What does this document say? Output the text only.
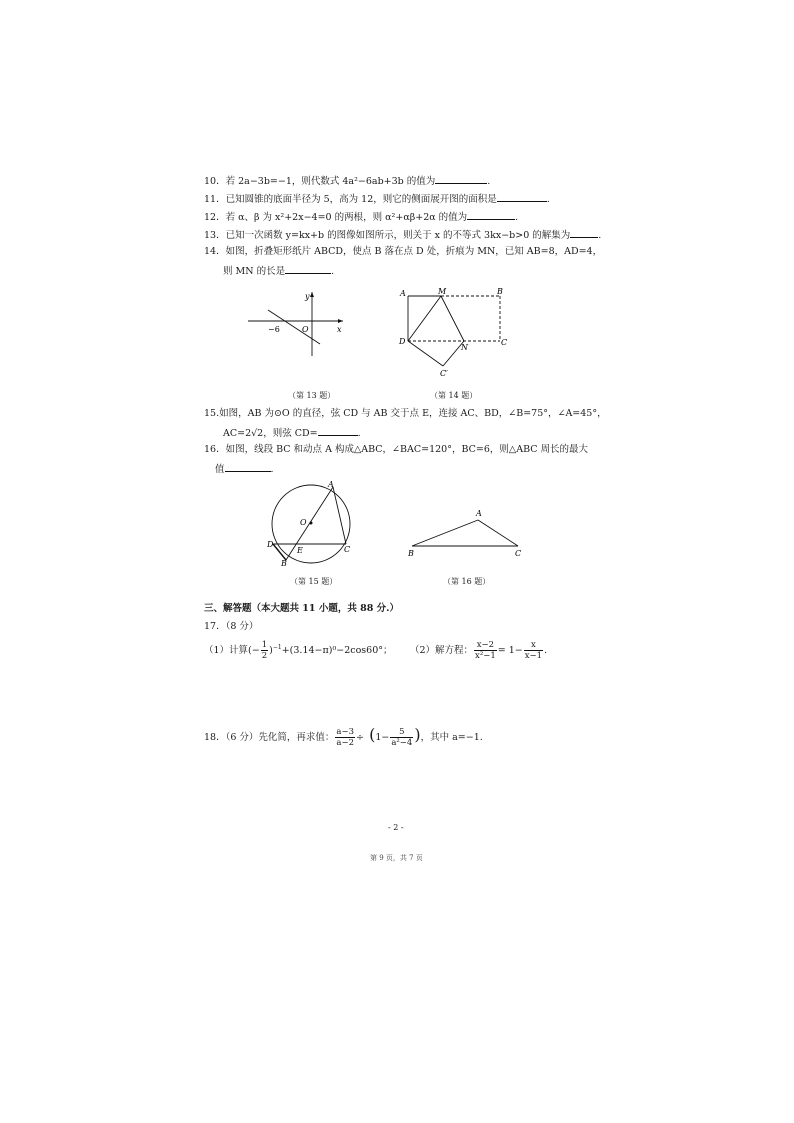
10．若 2a−3b=−1，则代数式 4a²−6ab+3b 的值为	.
11．已知圆锥的底面半径为 5，高为 12，则它的侧面展开图的面积是	.
12．若 α、β 为 x²+2x−4=0 的两根，则 α²+αβ+2α 的值为	.
13．已知一次函数 y=kx+b 的图像如图所示，则关于 x 的不等式 3kx−b>0 的解集为	.
14．如图，折叠矩形纸片 ABCD，使点 B 落在点 D 处，折痕为 MN，已知 AB=8，AD=4，
则 MN 的长是	.
y
x
O
−6
A	M	B
D
N
C
C′
（第 13 题）	（第 14 题）
15.如图，AB 为⊙O 的直径，弦 CD 与 AB 交于点 E，连接 AC、BD，∠B=75°，∠A=45°，
AC=2√2，则弦 CD=	.
16．如图，线段 BC 和动点 A 构成△ABC，∠BAC=120°，BC=6，则△ABC 周长的最大
值	.
A
O
D
E	C
B
A
B	C
（第 15 题）	（第 16 题）
三、解答题（本大题共 11 小题，共 88 分.）
17．（8 分）
（1）计算(− $\frac{1}{2} )^{-1}+(3.14-\pi)^0-2\cos 60^\circ$； （2）解方程： $\frac{x-2}{\text{x²−1}} = 1- \frac{x}{x-1}$ .
18．（6 分）先化简，再求值： $\frac{a-3}{a-2} \div (1- \frac{5}{\text{a²−4}}$ )，其中 a=−1.
- 2 -
第 9 页，共 7 页
